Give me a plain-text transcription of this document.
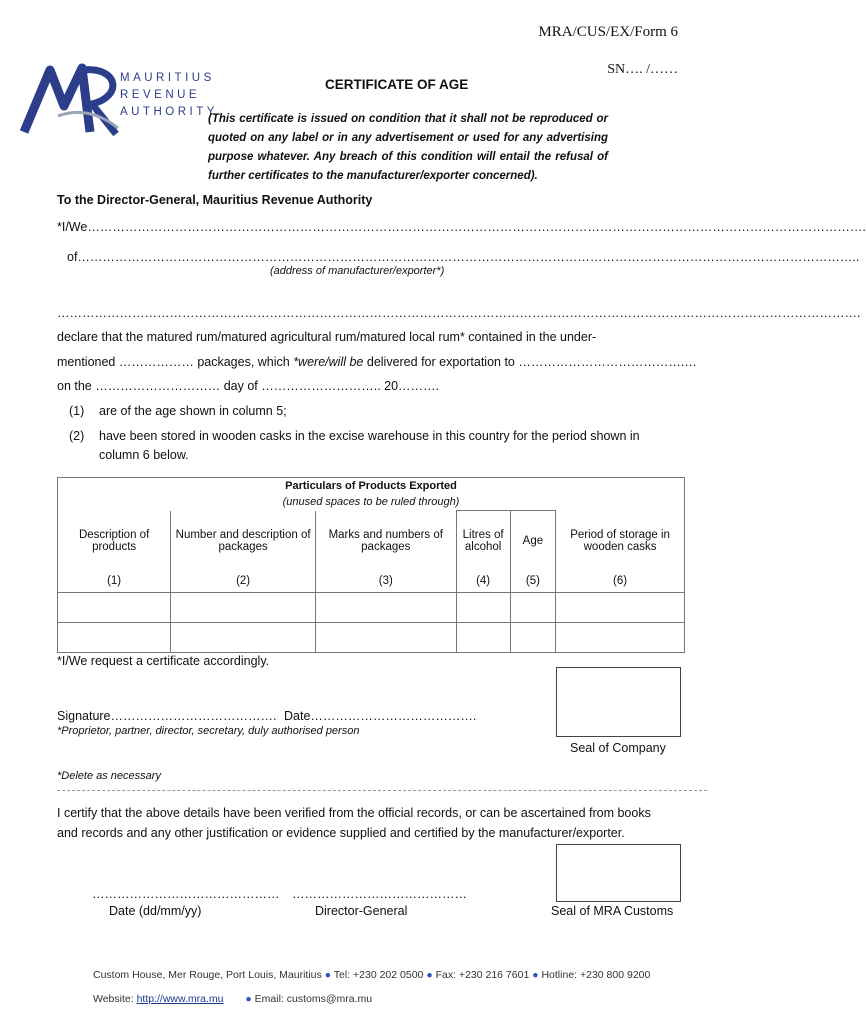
MAURITIUS
REVENUE
AUTHORITY
MRA/CUS/EX/Form 6
SN…. /……
CERTIFICATE OF AGE
(This certificate is issued on condition that it shall not be reproduced or quoted on any label or in any advertisement or used for any advertising purpose whatever. Any breach of this condition will entail the refusal of further certificates to the manufacturer/exporter concerned).
To the Director-General, Mauritius Revenue Authority
*I/We…………………………………………………………………………………………………………………………………………………………………….
of……………………………………………………………………………………………………………………………………………………………………..
(address of manufacturer/exporter*)
………………………………………………………………………………………………………………………………………………………………………….
declare that the matured rum/matured agricultural rum/matured local rum* contained in the under-
mentioned ……………… packages, which *were/will be delivered for exportation to ………………………………….…
on the ………………………… day of ……………………….. 20……….
(1) are of the age shown in column 5;
(2) have been stored in wooden casks in the excise warehouse in this country for the period shown in
column 6 below.
Particulars of Products Exported
(unused spaces to be ruled through)					

Description of products	Number and description of packages	Marks and numbers of packages	Litres of alcohol	Age	Period of storage in wooden casks
(1)	(2)	(3)	(4)	(5)	(6)

*I/We request a certificate accordingly.
Signature…………………………………. Date………………………………….
*Proprietor, partner, director, secretary, duly authorised person
Seal of Company
*Delete as necessary
I certify that the above details have been verified from the official records, or can be ascertained from books
and records and any other justification or evidence supplied and certified by the manufacturer/exporter.
……………………………………… ……………………………………
Date (dd/mm/yy)	Director-General	Seal of MRA Customs
Custom House, Mer Rouge, Port Louis, Mauritius ● Tel: +230 202 0500 ● Fax: +230 216 7601 ● Hotline: +230 800 9200
Website: http://www.mra.mu ● Email: customs@mra.mu
